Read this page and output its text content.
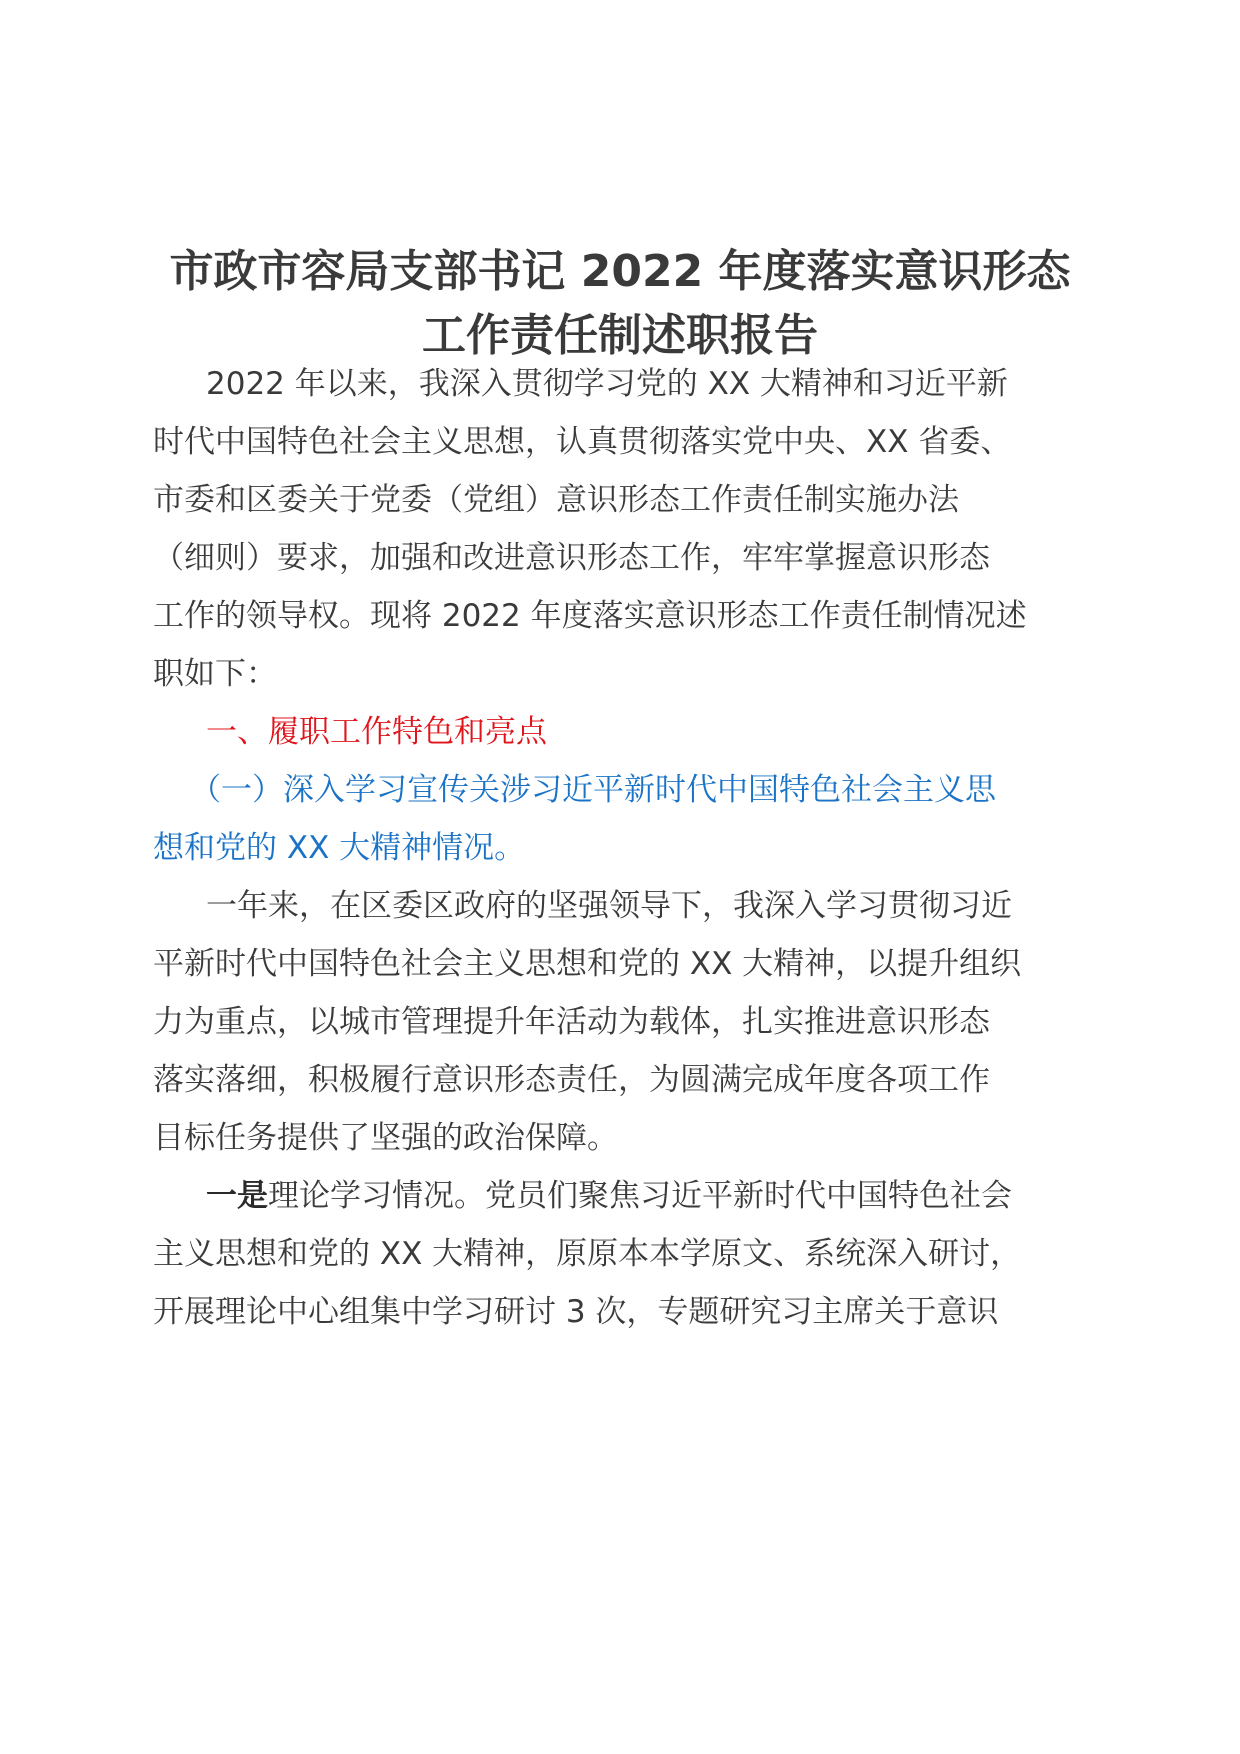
市政市容局支部书记 2022 年度落实意识形态
工作责任制述职报告
2022 年以来，我深入贯彻学习党的 XX 大精神和习近平新
时代中国特色社会主义思想，认真贯彻落实党中央、XX 省委、
市委和区委关于党委（党组）意识形态工作责任制实施办法
（细则）要求，加强和改进意识形态工作，牢牢掌握意识形态
工作的领导权。现将 2022 年度落实意识形态工作责任制情况述
职如下：
一、履职工作特色和亮点
（一）深入学习宣传关涉习近平新时代中国特色社会主义思
想和党的 XX 大精神情况。
一年来，在区委区政府的坚强领导下，我深入学习贯彻习近
平新时代中国特色社会主义思想和党的 XX 大精神，以提升组织
力为重点，以城市管理提升年活动为载体，扎实推进意识形态
落实落细，积极履行意识形态责任，为圆满完成年度各项工作
目标任务提供了坚强的政治保障。
一是理论学习情况。党员们聚焦习近平新时代中国特色社会
主义思想和党的 XX 大精神，原原本本学原文、系统深入研讨，
开展理论中心组集中学习研讨 3 次，专题研究习主席关于意识
